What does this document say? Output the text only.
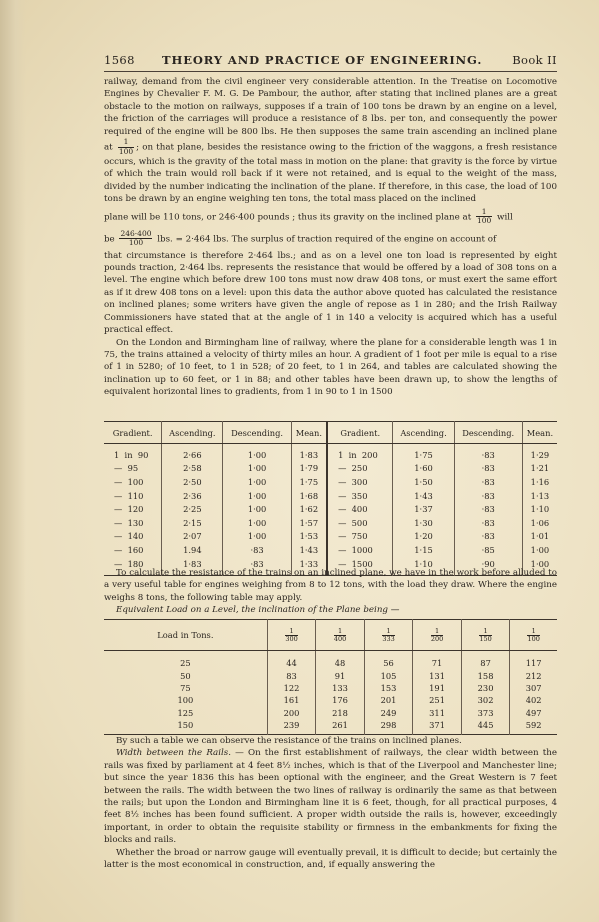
1568 THEORY AND PRACTICE OF ENGINEERING.	Book II

railway, demand from the civil engineer very considerable attention. In the Treatise on Locomotive Engines by Chevalier F. M. G. De Pambour, the author, after stating that inclined planes are a great obstacle to the motion on railways, supposes if a train of 100 tons be drawn by an engine on a level, the friction of the carriages will produce a resistance of 8 lbs. per ton, and consequently the power required of the engine will be 800 lbs. He then supposes the same train ascending an inclined plane at $\frac{1}{100}$ ; on that plane, besides the resistance owing to the friction of the waggons, a fresh resistance occurs, which is the gravity of the total mass in motion on the plane: that gravity is the force by virtue of which the train would roll back if it were not retained, and is equal to the weight of the mass, divided by the number indicating the inclination of the plane. If therefore, in this case, the load of 100 tons be drawn by an engine weighing ten tons, the total mass placed on the inclined

plane will be 110 tons, or 246·400 pounds ; thus its gravity on the inclined plane at $\frac{1}{100}$ will

be $\frac{246\cdot 400}{100}$ lbs. = 2·464 lbs. The surplus of traction required of the engine on account of

that circumstance is therefore 2·464 lbs.; and as on a level one ton load is represented by eight pounds traction, 2·464 lbs. represents the resistance that would be offered by a load of 308 tons on a level. The engine which before drew 100 tons must now draw 408 tons, or must exert the same effort as if it drew 408 tons on a level: upon this data the author above quoted has calculated the resistance on inclined planes; some writers have given the angle of repose as 1 in 280; and the Irish Railway Commissioners have stated that at the angle of 1 in 140 a velocity is acquired which has a useful practical effect.

On the London and Birmingham line of railway, where the plane for a considerable length was 1 in 75, the trains attained a velocity of thirty miles an hour. A gradient of 1 foot per mile is equal to a rise of 1 in 5280; of 10 feet, to 1 in 528; of 20 feet, to 1 in 264, and tables are calculated showing the inclination up to 60 feet, or 1 in 88; and other tables have been drawn up, to show the lengths of equivalent horizontal lines to gradients, from 1 in 90 to 1 in 1500

Gradient.	Ascending.	Descending.	Mean.	Gradient.	Ascending.	Descending.	Mean.
1  in  90	2·66	1·00	1·83	1  in  200	1·75	·83	1·29
—  95	2·58	1·00	1·79	—  250	1·60	·83	1·21
—  100	2·50	1·00	1·75	—  300	1·50	·83	1·16
—  110	2·36	1·00	1·68	—  350	1·43	·83	1·13
—  120	2·25	1·00	1·62	—  400	1·37	·83	1·10
—  130	2·15	1·00	1·57	—  500	1·30	·83	1·06
—  140	2·07	1·00	1·53	—  750	1·20	·83	1·01
—  160	1.94	·83	1·43	—  1000	1·15	·85	1·00
—  180	1·83	·83	1·33	—  1500	1·10	·90	1·00

To calculate the resistance of the trains on an inclined plane, we have in the work before alluded to a very useful table for engines weighing from 8 to 12 tons, with the load they draw. Where the engine weighs 8 tons, the following table may apply.

Equivalent Load on a Level, the inclination of the Plane being —

Load in Tons.	$\frac{1}{300}$	$\frac{1}{400}$	$\frac{1}{333}$	$\frac{1}{200}$	$\frac{1}{150}$	$\frac{1}{100}$

25	44	48	56	71	87	117
50	83	91	105	131	158	212
75	122	133	153	191	230	307
100	161	176	201	251	302	402
125	200	218	249	311	373	497
150	239	261	298	371	445	592

By such a table we can observe the resistance of the trains on inclined planes.

Width between the Rails. — On the first establishment of railways, the clear width between the rails was fixed by parliament at 4 feet 8½ inches, which is that of the Liverpool and Manchester line; but since the year 1836 this has been optional with the engineer, and the Great Western is 7 feet between the rails. The width between the two lines of railway is ordinarily the same as that between the rails; but upon the London and Birmingham line it is 6 feet, though, for all practical purposes, 4 feet 8½ inches has been found sufficient. A proper width outside the rails is, however, exceedingly important, in order to obtain the requisite stability or firmness in the embankments for fixing the blocks and rails.

Whether the broad or narrow gauge will eventually prevail, it is difficult to decide; but certainly the latter is the most economical in construction, and, if equally answering the
